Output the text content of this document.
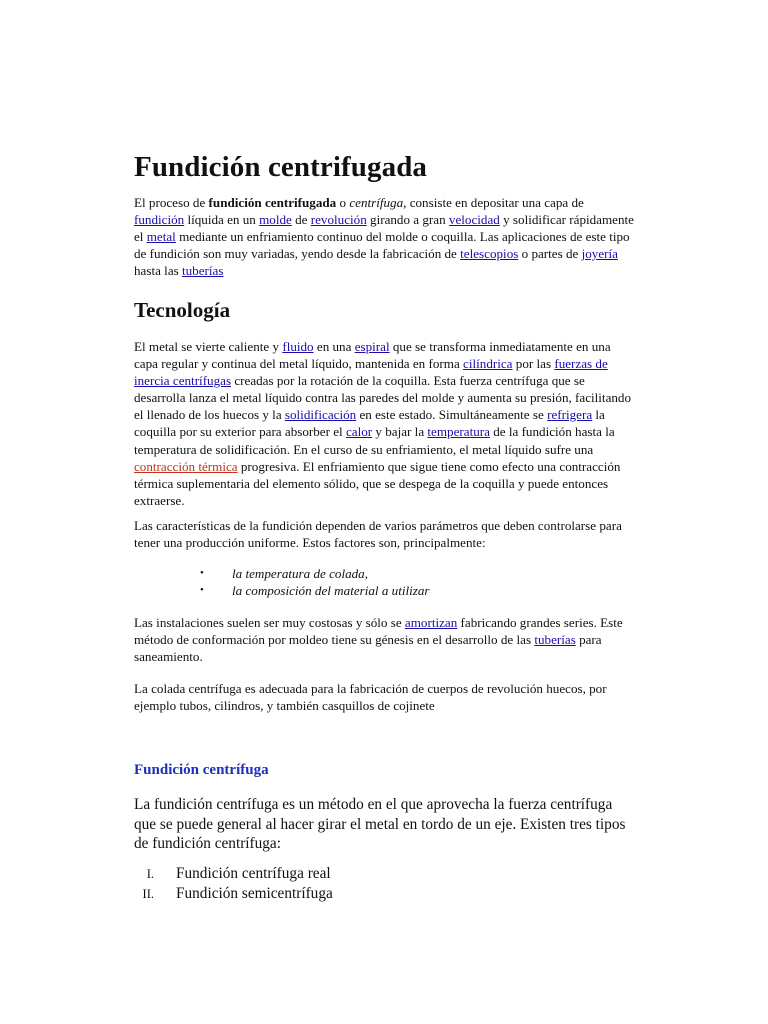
Fundición centrifugada

El proceso de fundición centrifugada o centrífuga, consiste en depositar una capa de fundición líquida en un molde de revolución girando a gran velocidad y solidificar rápidamente el metal mediante un enfriamiento continuo del molde o coquilla. Las aplicaciones de este tipo de fundición son muy variadas, yendo desde la fabricación de telescopios o partes de joyería hasta las tuberías

Tecnología

El metal se vierte caliente y fluido en una espiral que se transforma inmediatamente en una capa regular y continua del metal líquido, mantenida en forma cilíndrica por las fuerzas de inercia centrífugas creadas por la rotación de la coquilla. Esta fuerza centrífuga que se desarrolla lanza el metal líquido contra las paredes del molde y aumenta su presión, facilitando el llenado de los huecos y la solidificación en este estado. Simultáneamente se refrigera la coquilla por su exterior para absorber el calor y bajar la temperatura de la fundición hasta la temperatura de solidificación. En el curso de su enfriamiento, el metal líquido sufre una contracción térmica progresiva. El enfriamiento que sigue tiene como efecto una contracción térmica suplementaria del elemento sólido, que se despega de la coquilla y puede entonces extraerse.

Las características de la fundición dependen de varios parámetros que deben controlarse para tener una producción uniforme. Estos factores son, principalmente:

• la temperatura de colada,
• la composición del material a utilizar

Las instalaciones suelen ser muy costosas y sólo se amortizan fabricando grandes series. Este método de conformación por moldeo tiene su génesis en el desarrollo de las tuberías para saneamiento.

La colada centrífuga es adecuada para la fabricación de cuerpos de revolución huecos, por ejemplo tubos, cilindros, y también casquillos de cojinete

Fundición centrífuga

La fundición centrífuga es un método en el que aprovecha la fuerza centrífuga que se puede general al hacer girar el metal en tordo de un eje. Existen tres tipos de fundición centrífuga:

I. Fundición centrífuga real
II. Fundición semicentrífuga
